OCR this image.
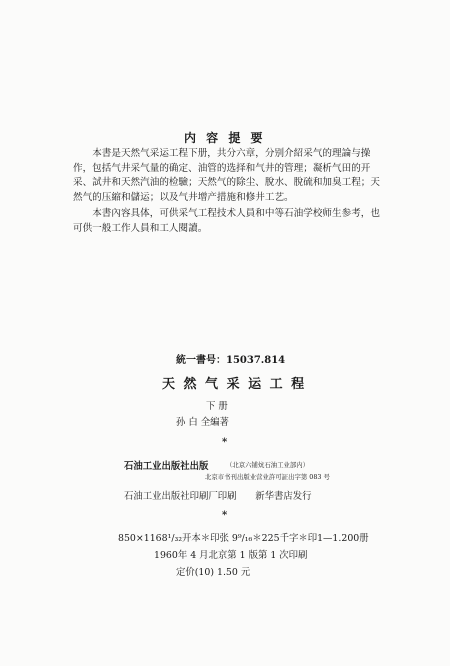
内 容 提 要

本書是天然气采运工程下册，共分六章，分别介紹采气的理論与操作，包括气井采气量的确定、油管的选择和气井的管理；凝析气田的开采、試井和天然汽油的检驗；天然气的除尘、脫水、脫硫和加臭工程；天然气的压縮和儲运；以及气井增产措施和修井工艺。

本書內容具体，可供采气工程技术人員和中等石油学校师生参考，也可供一般工作人員和工人閱讀。

統一書号：15037.814
天 然 气 采 运 工 程
下 册
孙 白 全編著
*
石油工业出版社出版	（北京六铺炕石油工业部内）
北京市书刊出版业营业許可証出字第 083 号
石油工业出版社印刷厂印刷　　新华書店发行
*
850×1168¹/₃₂开本＊印张 9⁹/₁₆＊225千字＊印1—1.200册
1960年 4 月北京第 1 版第 1 次印刷
定价(10) 1.50 元
